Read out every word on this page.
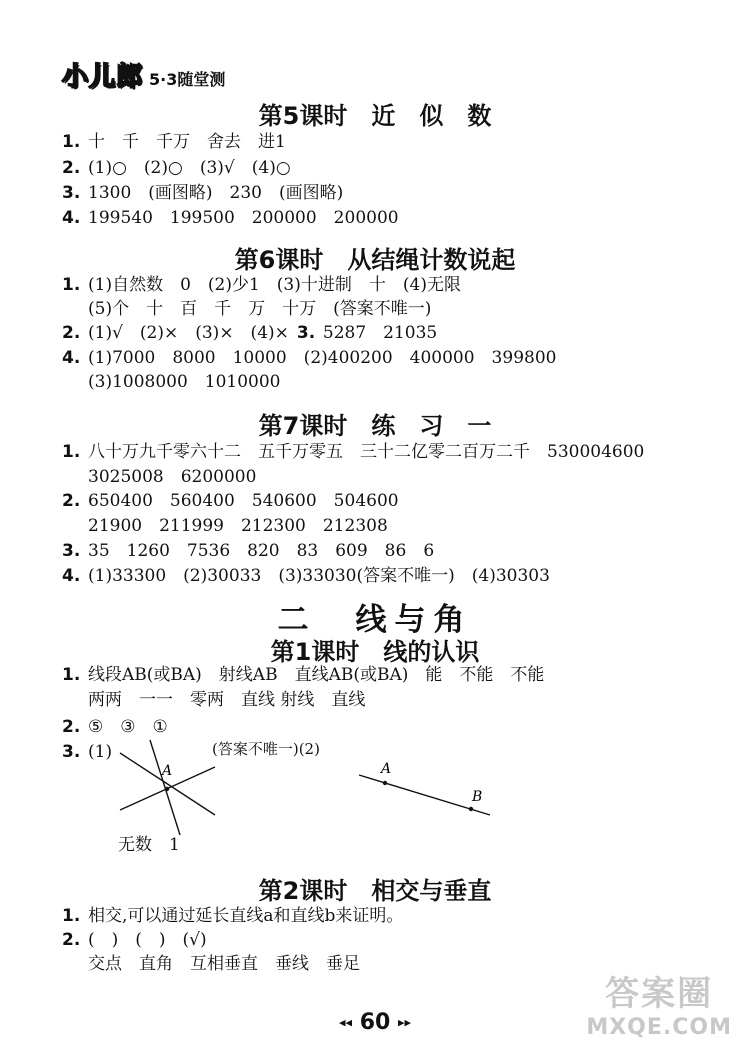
小儿郎 5·3随堂测
第5课时　近　似　数
1. 十　千　千万　舍去　进1
2. (1)○　(2)○　(3)√　(4)○
3. 1300　(画图略)　230　(画图略)
4. 199540　199500　200000　200000
第6课时　从结绳计数说起
1. (1)自然数　0　(2)少1　(3)十进制　十　(4)无限
(5)个　十　百　千　万　十万　(答案不唯一)
2. (1)√　(2)×　(3)×　(4)× 3. 5287　21035
4. (1)7000　8000　10000　(2)400200　400000　399800
(3)1008000　1010000
第7课时　练　习　一
1. 八十万九千零六十二　五千万零五　三十二亿零二百万二千　530004600
3025008　6200000
2. 650400　560400　540600　504600
21900　211999　212300　212308
3. 35　1260　7536　820　83　609　86　6
4. (1)33300　(2)30033　(3)33030(答案不唯一)　(4)30303
二　线与角
第1课时　线的认识
1. 线段AB(或BA)　射线AB　直线AB(或BA)　能　不能　不能
两两　一一　零两　直线 射线　直线
2. ⑤　③　①
3. (1)	(答案不唯一)(2)
A	A
B
无数　1
第2课时　相交与垂直
1. 相交,可以通过延长直线a和直线b来证明。
2. (　)　(　)　(√)
交点　直角　互相垂直　垂线　垂足
◂◂ 60 ▸▸
答案圈
MXQE.COM
